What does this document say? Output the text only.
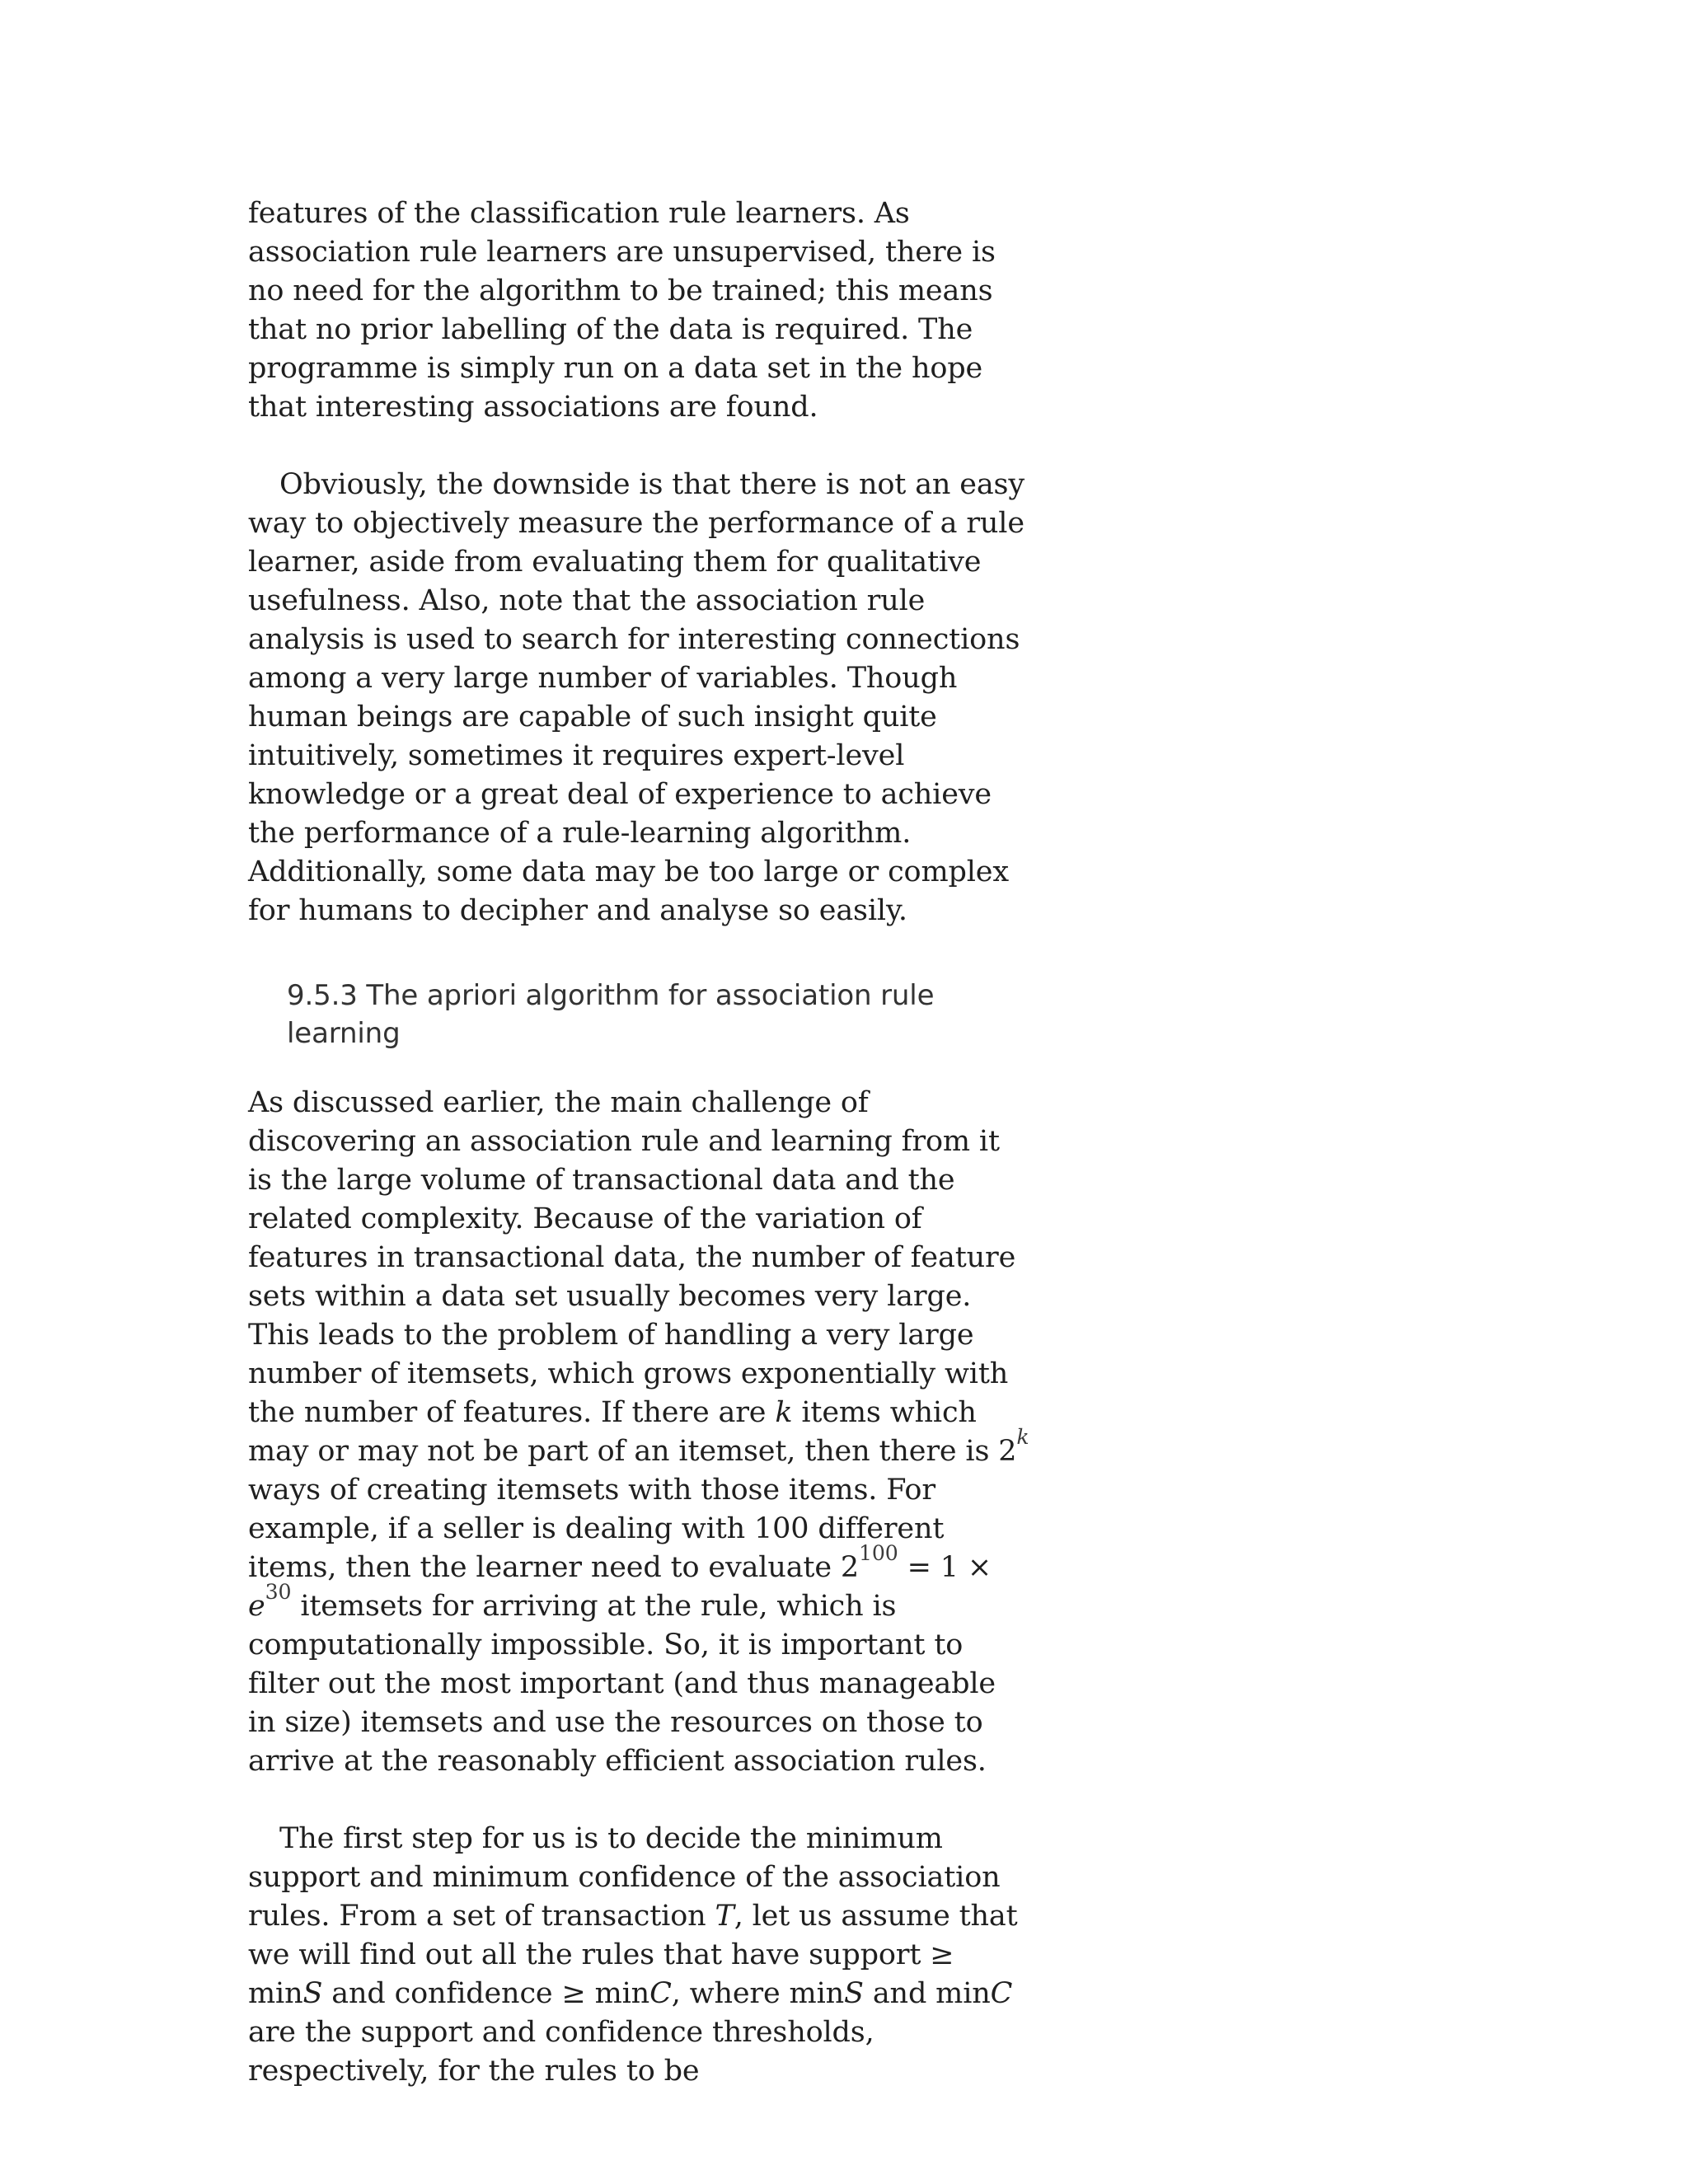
features of the classification rule learners. As association rule learners are unsupervised, there is no need for the algorithm to be trained; this means that no prior labelling of the data is required. The programme is simply run on a data set in the hope that interesting associations are found.

Obviously, the downside is that there is not an easy way to objectively measure the performance of a rule learner, aside from evaluating them for qualitative usefulness. Also, note that the association rule analysis is used to search for interesting connections among a very large number of variables. Though human beings are capable of such insight quite intuitively, sometimes it requires expert-level knowledge or a great deal of experience to achieve the performance of a rule-learning algorithm. Additionally, some data may be too large or complex for humans to decipher and analyse so easily.

9.5.3 The apriori algorithm for association rule learning

As discussed earlier, the main challenge of discovering an association rule and learning from it is the large volume of transactional data and the related complexity. Because of the variation of features in transactional data, the number of feature sets within a data set usually becomes very large. This leads to the problem of handling a very large number of itemsets, which grows exponentially with the number of features. If there are k items which may or may not be part of an itemset, then there is 2$^k$ ways of creating itemsets with those items. For example, if a seller is dealing with 100 different items, then the learner need to evaluate $2^{100} = 1 \times e^{30}$ itemsets for arriving at the rule, which is computationally impossible. So, it is important to filter out the most important (and thus manageable in size) itemsets and use the resources on those to arrive at the reasonably efficient association rules.

The first step for us is to decide the minimum support and minimum confidence of the association rules. From a set of transaction T, let us assume that we will find out all the rules that have support ≥ minS and confidence ≥ minC, where minS and minC are the support and confidence thresholds, respectively, for the rules to be
